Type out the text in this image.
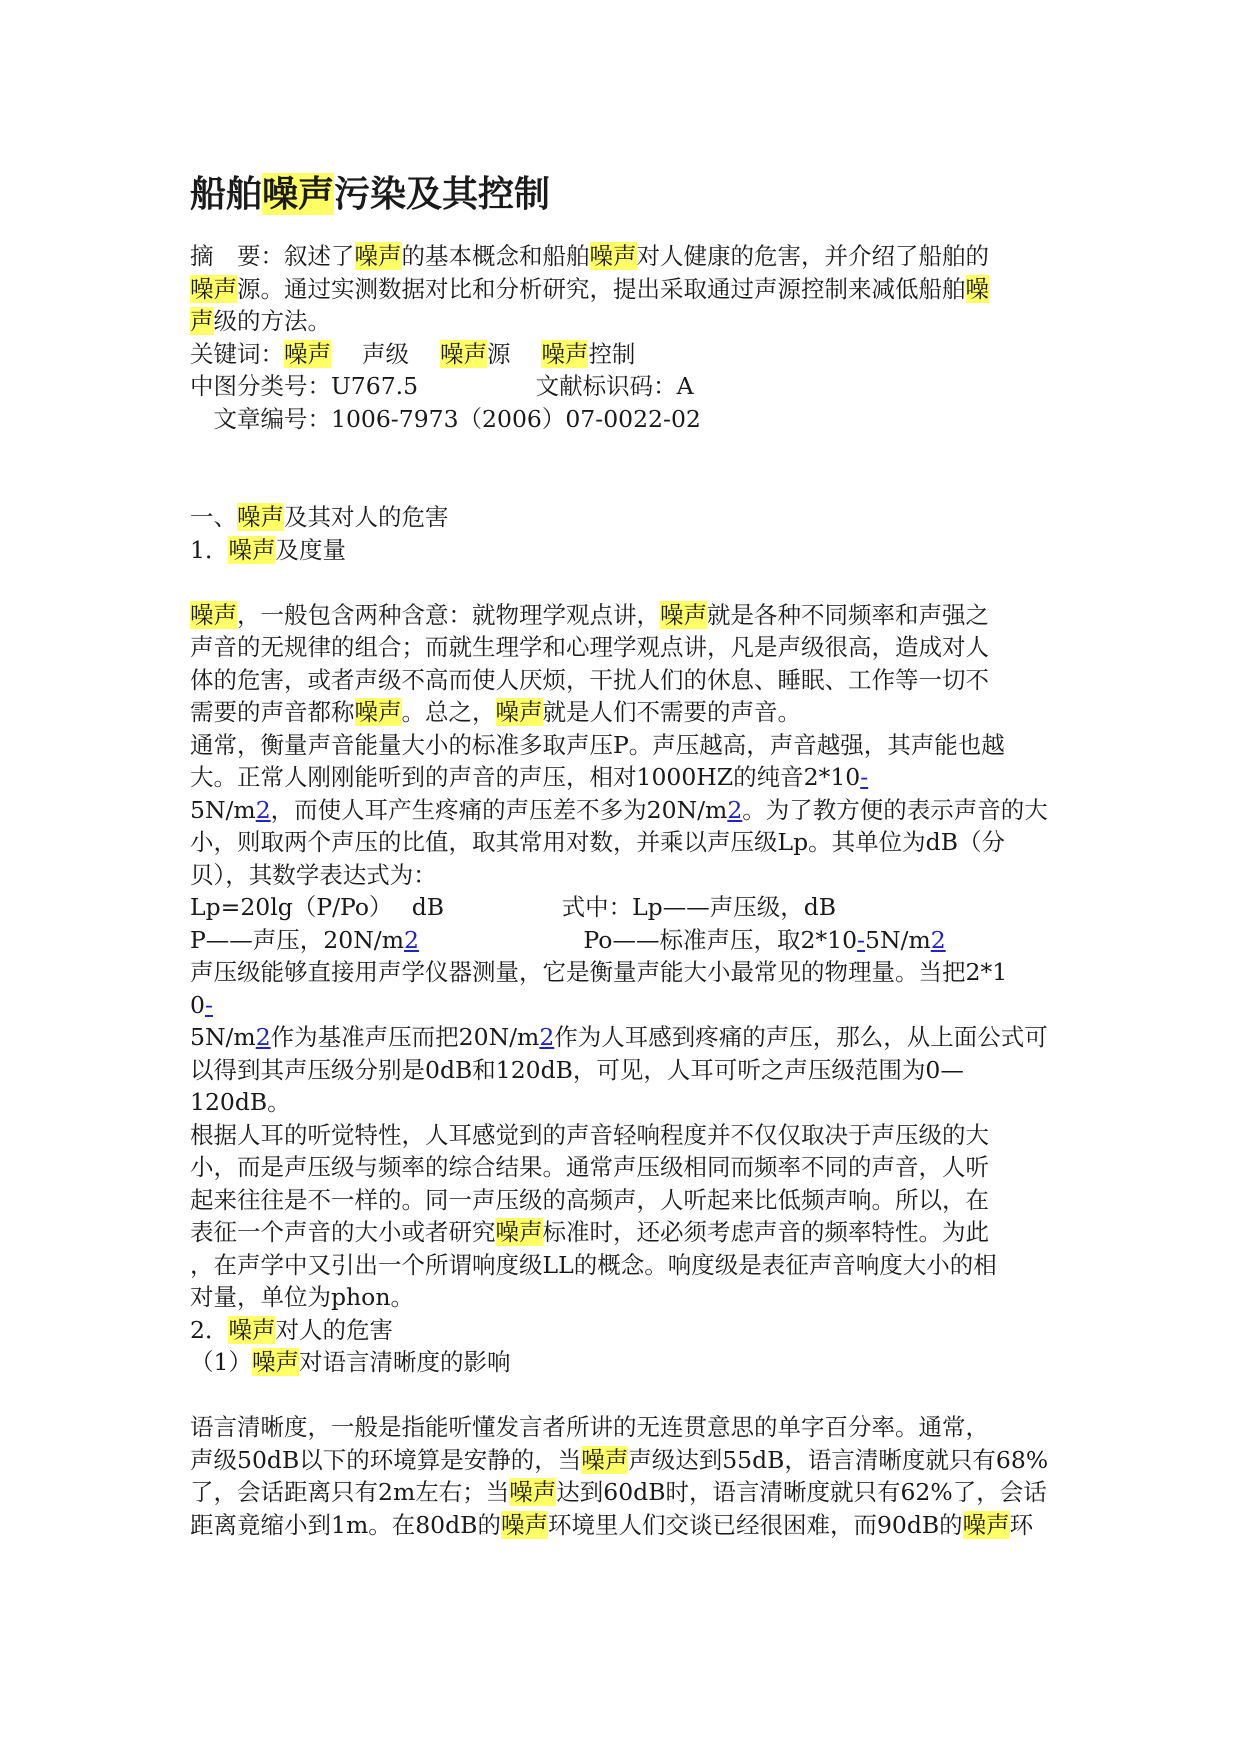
船舶噪声污染及其控制
摘　要：叙述了噪声的基本概念和船舶噪声对人健康的危害，并介绍了船舶的
噪声源。通过实测数据对比和分析研究，提出采取通过声源控制来减低船舶噪
声级的方法。
关键词：噪声　 声级　 噪声源　 噪声控制
中图分类号：U767.5　　　　　文献标识码：A
　文章编号：1006-7973（2006）07-0022-02
一、噪声及其对人的危害
1．噪声及度量
噪声，一般包含两种含意：就物理学观点讲，噪声就是各种不同频率和声强之
声音的无规律的组合；而就生理学和心理学观点讲，凡是声级很高，造成对人
体的危害，或者声级不高而使人厌烦，干扰人们的休息、睡眠、工作等一切不
需要的声音都称噪声。总之，噪声就是人们不需要的声音。
通常，衡量声音能量大小的标准多取声压P。声压越高，声音越强，其声能也越
大。正常人刚刚能听到的声音的声压，相对1000HZ的纯音2*10-
5N/m2，而使人耳产生疼痛的声压差不多为20N/m2。为了教方便的表示声音的大
小，则取两个声压的比值，取其常用对数，并乘以声压级Lp。其单位为dB（分
贝），其数学表达式为：
Lp=20lg（P/Po）　 dB　　　　　式中：Lp——声压级，dB
P——声压，20N/m2　　　　　　　Po——标准声压，取2*10-5N/m2
声压级能够直接用声学仪器测量，它是衡量声能大小最常见的物理量。当把2*1
0-
5N/m2作为基准声压而把20N/m2作为人耳感到疼痛的声压，那么，从上面公式可
以得到其声压级分别是0dB和120dB，可见，人耳可听之声压级范围为0—
120dB。
根据人耳的听觉特性，人耳感觉到的声音轻响程度并不仅仅取决于声压级的大
小，而是声压级与频率的综合结果。通常声压级相同而频率不同的声音，人听
起来往往是不一样的。同一声压级的高频声，人听起来比低频声响。所以，在
表征一个声音的大小或者研究噪声标准时，还必须考虑声音的频率特性。为此
，在声学中又引出一个所谓响度级LL的概念。响度级是表征声音响度大小的相
对量，单位为phon。
2．噪声对人的危害
（1）噪声对语言清晰度的影响
语言清晰度，一般是指能听懂发言者所讲的无连贯意思的单字百分率。通常，
声级50dB以下的环境算是安静的，当噪声声级达到55dB，语言清晰度就只有68%
了，会话距离只有2m左右；当噪声达到60dB时，语言清晰度就只有62%了，会话
距离竟缩小到1m。在80dB的噪声环境里人们交谈已经很困难，而90dB的噪声环
